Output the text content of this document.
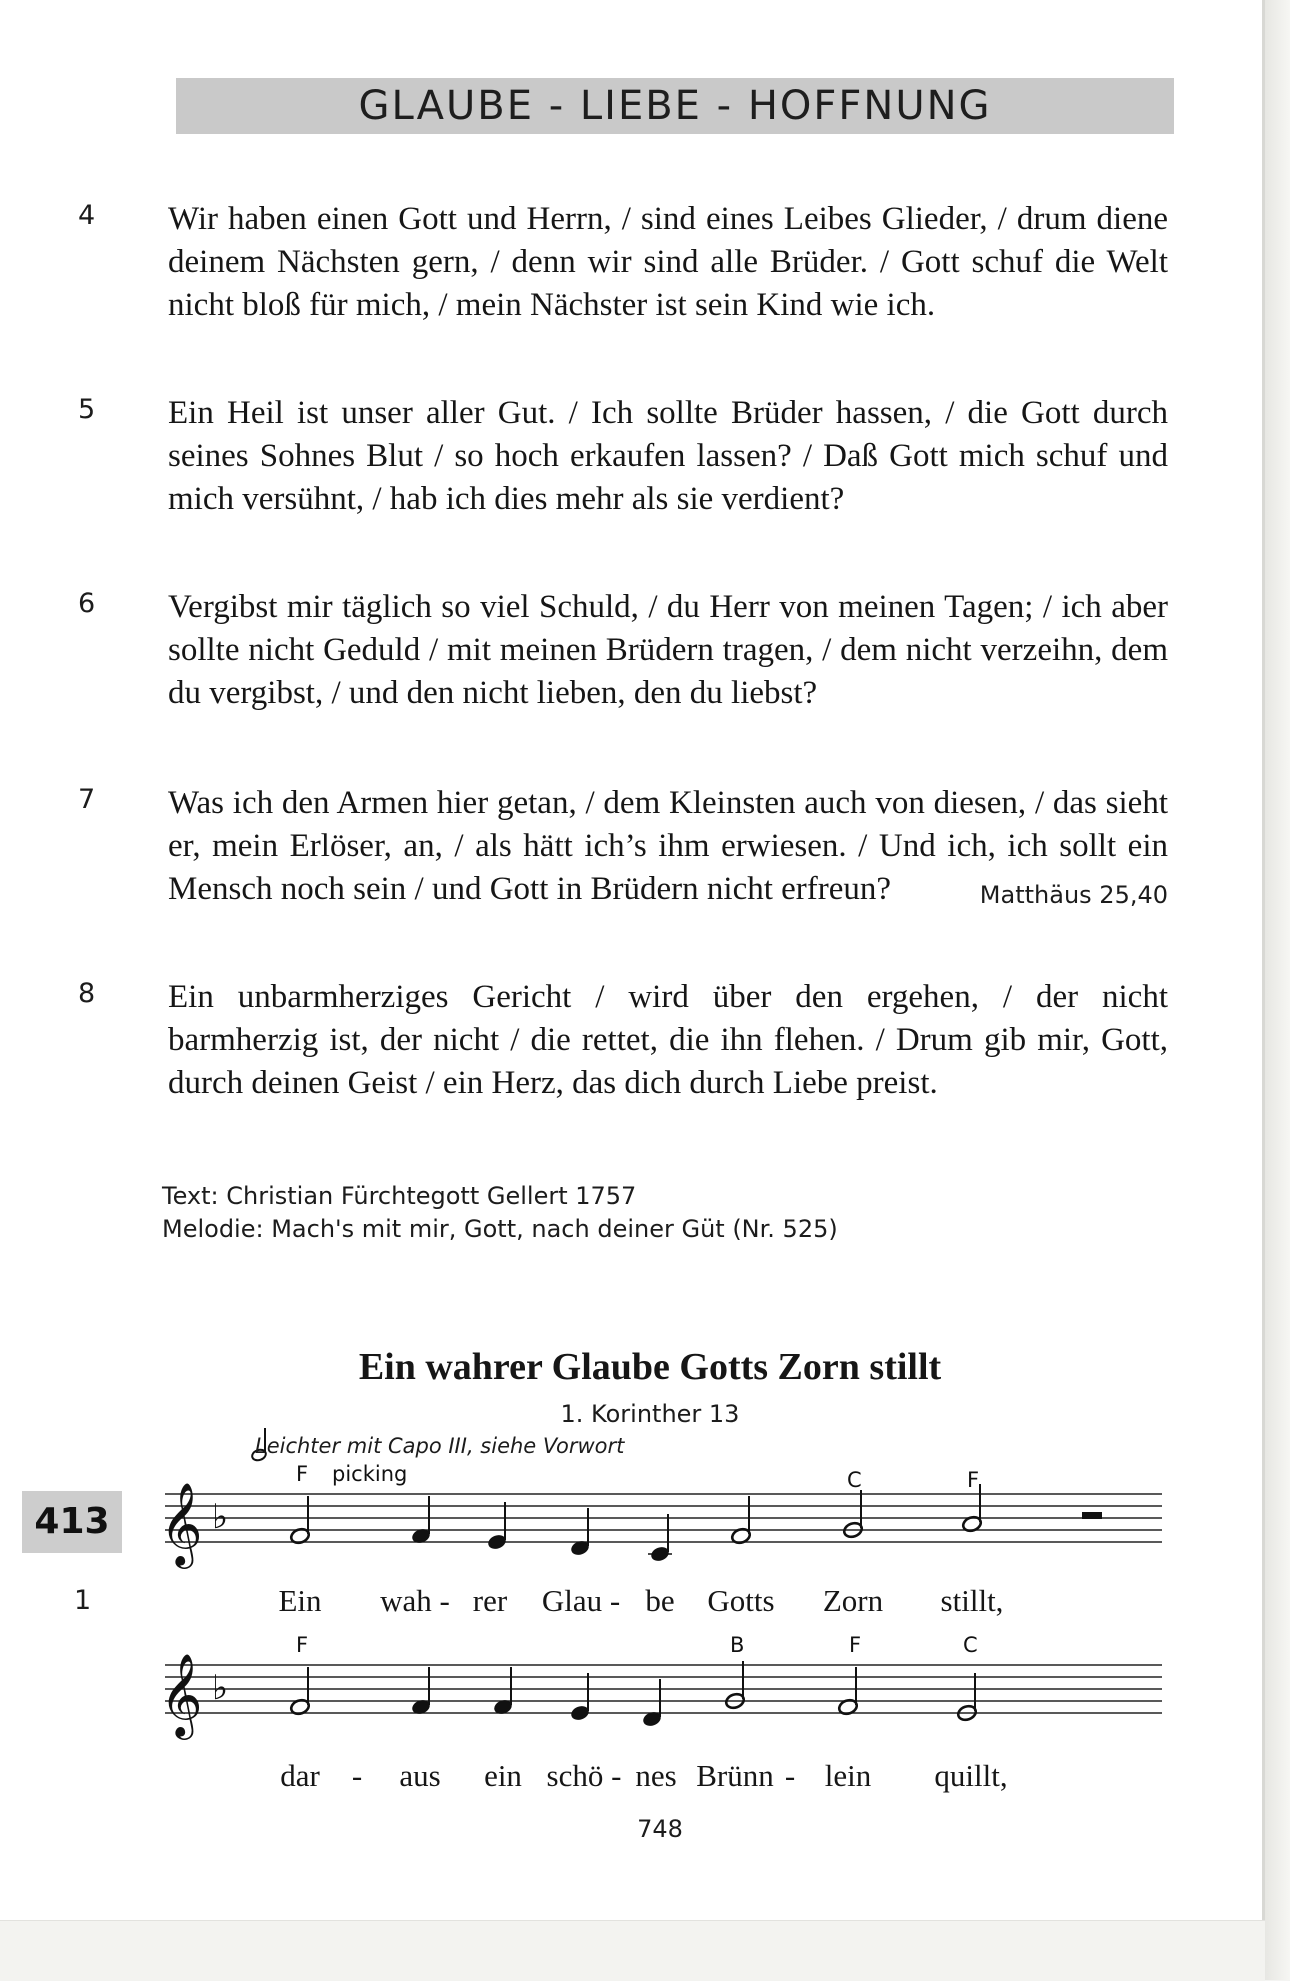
GLAUBE - LIEBE - HOFFNUNG
4	Wir haben einen Gott und Herrn, / sind eines Leibes Glieder, / drum diene deinem Nächsten gern, / denn wir sind alle Brüder. / Gott schuf die Welt nicht bloß für mich, / mein Nächster ist sein Kind wie ich.
5	Ein Heil ist unser aller Gut. / Ich sollte Brüder hassen, / die Gott durch seines Sohnes Blut / so hoch erkaufen lassen? / Daß Gott mich schuf und mich versühnt, / hab ich dies mehr als sie verdient?
6	Vergibst mir täglich so viel Schuld, / du Herr von meinen Tagen; / ich aber sollte nicht Geduld / mit meinen Brüdern tragen, / dem nicht verzeihn, dem du vergibst, / und den nicht lieben, den du liebst?
7	Was ich den Armen hier getan, / dem Kleinsten auch von diesen, / das sieht er, mein Erlöser, an, / als hätt ich’s ihm erwiesen. / Und ich, ich sollt ein Mensch noch sein / und Gott in Brüdern nicht erfreun?	Matthäus 25,40
8	Ein unbarmherziges Gericht / wird über den ergehen, / der nicht barmherzig ist, der nicht / die rettet, die ihn flehen. / Drum gib mir, Gott, durch deinen Geist / ein Herz, das dich durch Liebe preist.
Text: Christian Fürchtegott Gellert 1757
Melodie: Mach's mit mir, Gott, nach deiner Güt (Nr. 525)
Ein wahrer Glaube Gotts Zorn stillt
1. Korinther 13
Leichter mit Capo III, siehe Vorwort
413
1
F picking	C	F
F	B	F	C
Ein wah - rer Glau - be Gotts Zorn stillt,
dar - aus ein schö - nes Brünn - lein quillt,
748
𝄞 ♭
𝄞 ♭
